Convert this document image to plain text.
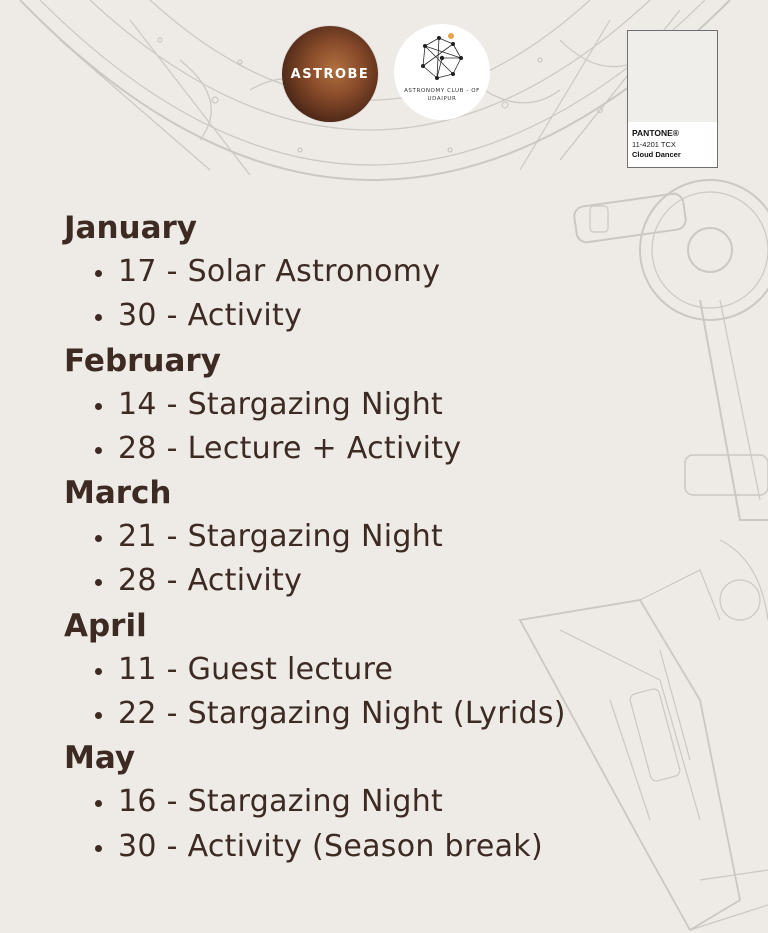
ASTROBE
ASTRONOMY CLUB - OF
UDAIPUR
PANTONE®
11-4201 TCX
Cloud Dancer
January
17 - Solar Astronomy
30 - Activity
February
14 - Stargazing Night
28 - Lecture + Activity
March
21 - Stargazing Night
28 - Activity
April
11 - Guest lecture
22 - Stargazing Night (Lyrids)
May
16 - Stargazing Night
30 - Activity (Season break)
